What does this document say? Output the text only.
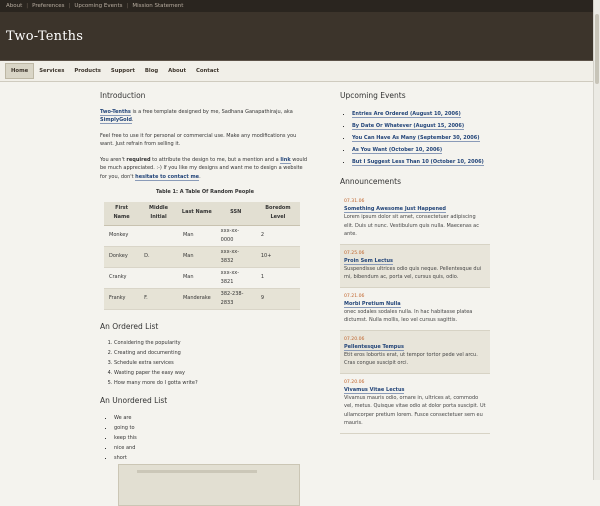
About | Preferences | Upcoming Events | Mission Statement
Two-Tenths
Home	Services	Products	Support	Blog	About	Contact
Introduction

Two-Tenths is a free template designed by me, Sadhana Ganapathiraju, aka SimplyGold.

Feel free to use it for personal or commercial use. Make any modifications you want. Just refrain from selling it.

You aren't required to attribute the design to me, but a mention and a link would be much appreciated. :-) If you like my designs and want me to design a website for you, don't hesitate to contact me.

Table 1: A Table Of Random People
First Name	Middle Initial	Last Name	SSN	Boredom Level
Monkey		Man	xxx-xx-0000	2
Donkey	D.	Man	xxx-xx-3832	10+
Cranky		Man	xxx-xx-3821	1
Franky	F.	Manderake	382-238-2833	9
An Ordered List
1. Considering the popularity
2. Creating and documenting
3. Schedule extra services
4. Wasting paper the easy way
5. How many more do I gotta write?
An Unordered List
▪ We are
▪ going to
▪ keep this
▪ nice and
▪ short
Upcoming Events
▪ Entries Are Ordered (August 10, 2006)
▪ By Date Or Whatever (August 15, 2006)
▪ You Can Have As Many (September 30, 2006)
▪ As You Want (October 10, 2006)
▪ But I Suggest Less Than 10 (October 10, 2006)
Announcements
07.31.06
Something Awesome Just Happened
Lorem ipsum dolor sit amet, consectetuer adipiscing elit. Duis ut nunc. Vestibulum quis nulla. Maecenas ac ante.
07.25.06
Proin Sem Lectus
Suspendisse ultrices odio quis neque. Pellentesque dui mi, bibendum ac, porta vel, cursus quis, odio.
07.21.06
Morbi Pretium Nulla
onec sodales sodales nulla. In hac habitasse platea dictumst. Nulla mollis, leo vel cursus sagittis.
07.20.06
Pellentesque Tempus
Etit eros lobortis erat, ut tempor tortor pede vel arcu. Cras congue suscipit orci.
07.20.06
Vivamus Vitae Lectus
Vivamus mauris odio, ornare in, ultrices at, commodo vel, metus. Quisque vitae odio at dolor porta suscipit. Ut ullamcorper pretium lorem. Fusce consectetuer sem eu mauris.
